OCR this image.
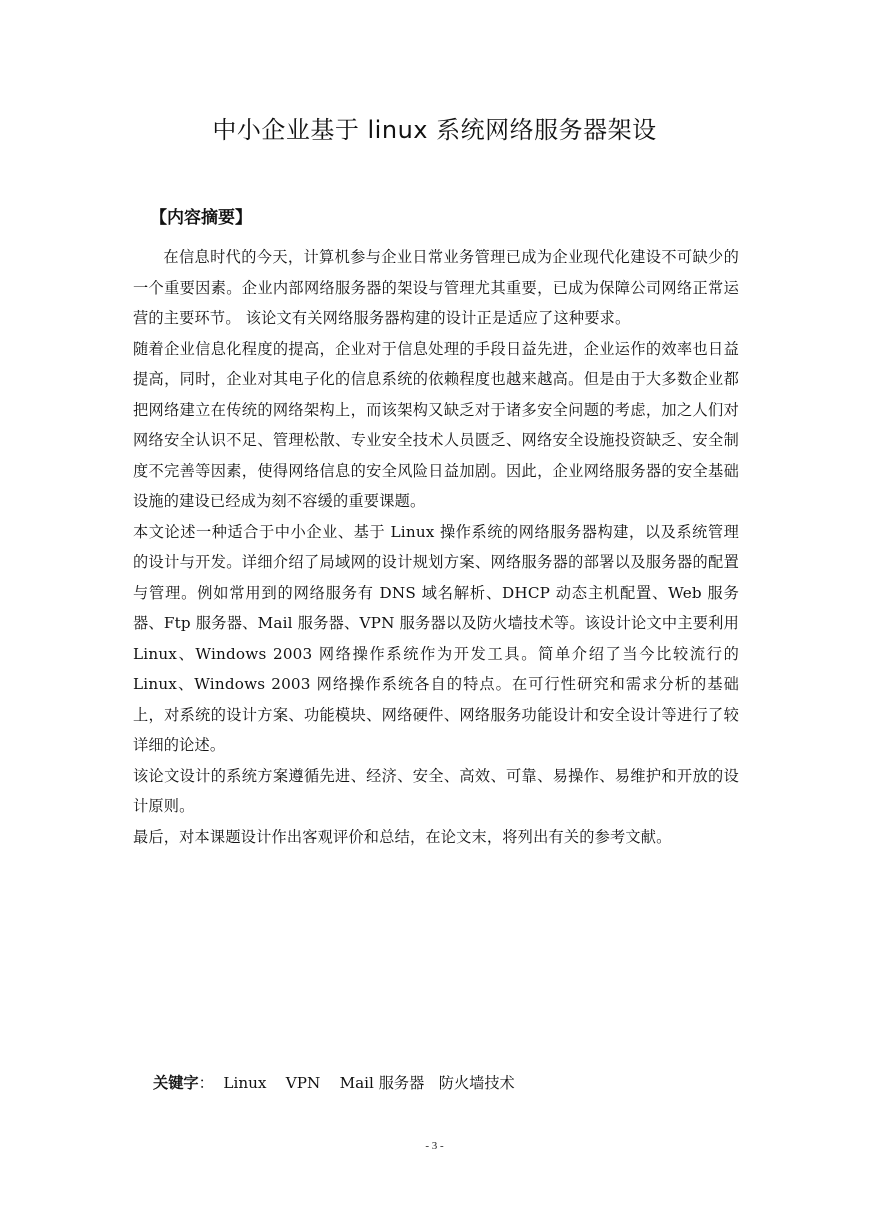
中小企业基于 linux 系统网络服务器架设
【内容摘要】

在信息时代的今天，计算机参与企业日常业务管理已成为企业现代化建设不可缺少的一个重要因素。企业内部网络服务器的架设与管理尤其重要，已成为保障公司网络正常运营的主要环节。 该论文有关网络服务器构建的设计正是适应了这种要求。

随着企业信息化程度的提高，企业对于信息处理的手段日益先进，企业运作的效率也日益提高，同时，企业对其电子化的信息系统的依赖程度也越来越高。但是由于大多数企业都把网络建立在传统的网络架构上，而该架构又缺乏对于诸多安全问题的考虑，加之人们对网络安全认识不足、管理松散、专业安全技术人员匮乏、网络安全设施投资缺乏、安全制度不完善等因素，使得网络信息的安全风险日益加剧。因此，企业网络服务器的安全基础设施的建设已经成为刻不容缓的重要课题。

本文论述一种适合于中小企业、基于 Linux 操作系统的网络服务器构建，以及系统管理的设计与开发。详细介绍了局域网的设计规划方案、网络服务器的部署以及服务器的配置与管理。例如常用到的网络服务有 DNS 域名解析、DHCP 动态主机配置、Web 服务器、Ftp 服务器、Mail 服务器、VPN 服务器以及防火墙技术等。该设计论文中主要利用 Linux、Windows 2003 网络操作系统作为开发工具。简单介绍了当今比较流行的 Linux、Windows 2003 网络操作系统各自的特点。在可行性研究和需求分析的基础上，对系统的设计方案、功能模块、网络硬件、网络服务功能设计和安全设计等进行了较详细的论述。

该论文设计的系统方案遵循先进、经济、安全、高效、可靠、易操作、易维护和开放的设计原则。

最后，对本课题设计作出客观评价和总结，在论文末，将列出有关的参考文献。

关键字：  Linux    VPN    Mail 服务器   防火墙技术
- 3 -
